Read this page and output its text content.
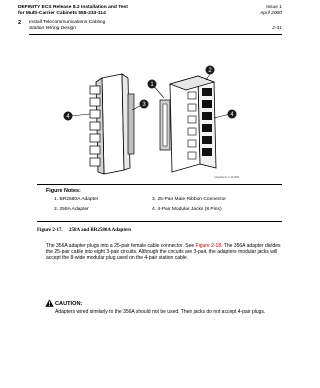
DEFINITY ECS Release 8.2 Installation and Test
for Multi-Carrier Cabinets 555-233-114
Issue 1
April 2000
2 Install Telecommunications Cabling
Station Wiring Design	2-31
1
3
4	4
2
cabg32a KLC 031396
Figure Notes:
1. BR2580A Adapter
2. 258A Adapter
3. 25-Pair Male Ribbon Connector
4. 4-Pair Modular Jacks (8 Pins)
Figure 2-17. 258A and BR2580A Adapters
The 356A adapter plugs into a 25-pair female cable connector. See Figure 2-18. The 356A adapter divides the 25-pair cable into eight 3-pair circuits. Although the circuits are 3-pair, the adapters modular jacks will accept the 8-wide modular plug used on the 4-pair station cable.
CAUTION:
Adapters wired similarly to the 356A should not be used. Their jacks do not accept 4-pair plugs.
